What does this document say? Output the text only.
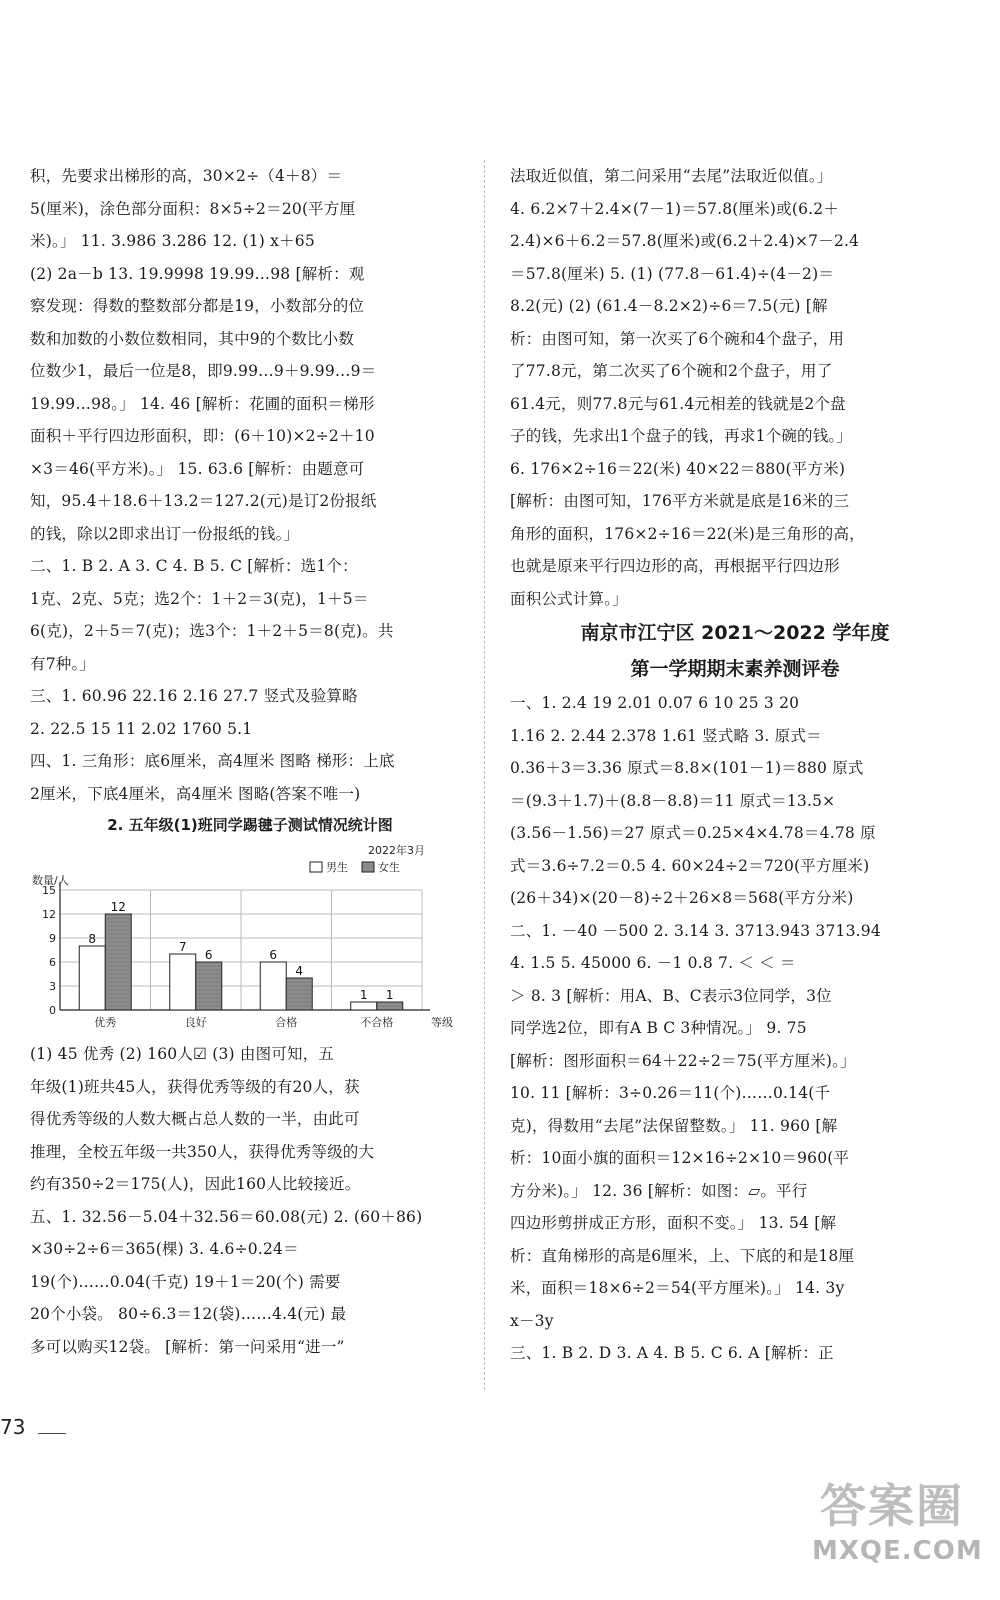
积，先要求出梯形的高，30×2÷（4＋8）＝
5(厘米)，涂色部分面积：8×5÷2＝20(平方厘
米)。」 11. 3.986 3.286 12. (1) x＋65
(2) 2a－b 13. 19.9998 19.99…98 [解析：观
察发现：得数的整数部分都是19，小数部分的位
数和加数的小数位数相同，其中9的个数比小数
位数少1，最后一位是8，即9.99…9＋9.99…9＝
19.99…98。」 14. 46 [解析：花圃的面积＝梯形
面积＋平行四边形面积，即：(6＋10)×2÷2＋10
×3＝46(平方米)。」 15. 63.6 [解析：由题意可
知，95.4＋18.6＋13.2＝127.2(元)是订2份报纸
的钱，除以2即求出订一份报纸的钱。」
二、1. B 2. A 3. C 4. B 5. C [解析：选1个：
1克、2克、5克；选2个：1＋2＝3(克)，1＋5＝
6(克)，2＋5＝7(克)；选3个：1＋2＋5＝8(克)。共
有7种。」
三、1. 60.96 22.16 2.16 27.7 竖式及验算略
2. 22.5 15 11 2.02 1760 5.1
四、1. 三角形：底6厘米，高4厘米 图略 梯形：上底
2厘米，下底4厘米，高4厘米 图略(答案不唯一)
2. 五年级(1)班同学踢毽子测试情况统计图
2022年3月
数量/人
男生	女生
0
3
6
9
12
15
8
12
优秀
7
6
良好
6
4
合格
1 1
不合格	等级
(1) 45 优秀 (2) 160人☑ (3) 由图可知，五
年级(1)班共45人，获得优秀等级的有20人，获
得优秀等级的人数大概占总人数的一半，由此可
推理，全校五年级一共350人，获得优秀等级的大
约有350÷2＝175(人)，因此160人比较接近。
五、1. 32.56－5.04＋32.56＝60.08(元) 2. (60＋86)
×30÷2÷6＝365(棵) 3. 4.6÷0.24＝
19(个)……0.04(千克) 19＋1＝20(个) 需要
20个小袋。 80÷6.3＝12(袋)……4.4(元) 最
多可以购买12袋。 [解析：第一问采用“进一”
法取近似值，第二问采用“去尾”法取近似值。」
4. 6.2×7＋2.4×(7－1)＝57.8(厘米)或(6.2＋
2.4)×6＋6.2＝57.8(厘米)或(6.2＋2.4)×7－2.4
＝57.8(厘米) 5. (1) (77.8－61.4)÷(4－2)＝
8.2(元) (2) (61.4－8.2×2)÷6＝7.5(元) [解
析：由图可知，第一次买了6个碗和4个盘子，用
了77.8元，第二次买了6个碗和2个盘子，用了
61.4元，则77.8元与61.4元相差的钱就是2个盘
子的钱，先求出1个盘子的钱，再求1个碗的钱。」
6. 176×2÷16＝22(米) 40×22＝880(平方米)
[解析：由图可知，176平方米就是底是16米的三
角形的面积，176×2÷16＝22(米)是三角形的高，
也就是原来平行四边形的高，再根据平行四边形
面积公式计算。」
南京市江宁区 2021～2022 学年度
第一学期期末素养测评卷
一、1. 2.4 19 2.01 0.07 6 10 25 3 20
1.16 2. 2.44 2.378 1.61 竖式略 3. 原式＝
0.36＋3＝3.36 原式＝8.8×(101－1)＝880 原式
＝(9.3＋1.7)＋(8.8－8.8)＝11 原式＝13.5×
(3.56－1.56)＝27 原式＝0.25×4×4.78＝4.78 原
式＝3.6÷7.2＝0.5 4. 60×24÷2＝720(平方厘米)
(26＋34)×(20－8)÷2＋26×8＝568(平方分米)
二、1. －40 －500 2. 3.14 3. 3713.943 3713.94
4. 1.5 5. 45000 6. －1 0.8 7. ＜ ＜ ＝
＞ 8. 3 [解析：用A、B、C表示3位同学，3位
同学选2位，即有A B C 3种情况。」 9. 75
[解析：图形面积＝64＋22÷2＝75(平方厘米)。」
10. 11 [解析：3÷0.26＝11(个)……0.14(千
克)，得数用“去尾”法保留整数。」 11. 960 [解
析：10面小旗的面积＝12×16÷2×10＝960(平
方分米)。」 12. 36 [解析：如图：▱。平行
四边形剪拼成正方形，面积不变。」 13. 54 [解
析：直角梯形的高是6厘米，上、下底的和是18厘
米，面积＝18×6÷2＝54(平方厘米)。」 14. 3y
x－3y
三、1. B 2. D 3. A 4. B 5. C 6. A [解析：正
73
答案圈
MXQE.COM
